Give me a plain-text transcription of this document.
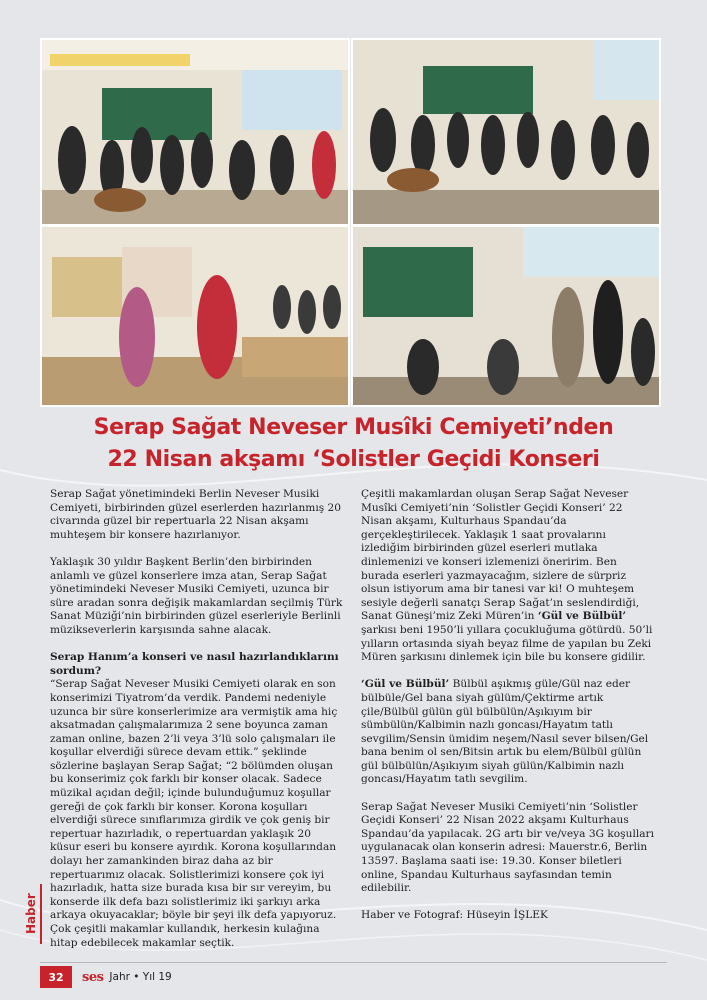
Serap Sağat Neveser Musîki Cemiyeti’nden
22 Nisan akşamı ‘Solistler Geçidi Konseri

Serap Sağat yönetimindeki Berlin Neveser Musiki Cemiyeti, birbirinden güzel eserlerden hazırlanmış 20 civarında güzel bir repertuarla 22 Nisan akşamı muhteşem bir konsere hazırlanıyor.

Yaklaşık 30 yıldır Başkent Berlin’den birbirinden anlamlı ve güzel konserlere imza atan, Serap Sağat yönetimindeki Neveser Musiki Cemiyeti, uzunca bir süre aradan sonra değişik makamlardan seçilmiş Türk Sanat Müziği’nin birbirinden güzel eserleriyle Berlinli müzikseverlerin karşısında sahne alacak.

Serap Hanım’a konseri ve nasıl hazırlandıklarını sordum?

“Serap Sağat Neveser Musiki Cemiyeti olarak en son konserimizi Tiyatrom’da verdik. Pandemi nedeniyle uzunca bir süre konserlerimize ara vermiştik ama hiç aksatmadan çalışmalarımıza 2 sene boyunca zaman zaman online, bazen 2’li veya 3’lü solo çalışmaları ile koşullar elverdiği sürece devam ettik.” şeklinde sözlerine başlayan Serap Sağat; “2 bölümden oluşan bu konserimiz çok farklı bir konser olacak. Sadece müzikal açıdan değil; içinde bulunduğumuz koşullar gereği de çok farklı bir konser. Korona koşulları elverdiği sürece sınıflarımıza girdik ve çok geniş bir repertuar hazırladık, o repertuardan yaklaşık 20 küsur eseri bu konsere ayırdık. Korona koşullarından dolayı her zamankinden biraz daha az bir repertuarımız olacak. Solistlerimizi konsere çok iyi hazırladık, hatta size burada kısa bir sır vereyim, bu konserde ilk defa bazı solistlerimiz iki şarkıyı arka arkaya okuyacaklar; böyle bir şeyi ilk defa yapıyoruz. Çok çeşitli makamlar kullandık, herkesin kulağına hitap edebilecek makamlar seçtik.

Çeşitli makamlardan oluşan Serap Sağat Neveser Musîki Cemiyeti’nin ‘Solistler Geçidi Konseri’ 22 Nisan akşamı, Kulturhaus Spandau’da gerçekleştirilecek. Yaklaşık 1 saat provalarını izlediğim birbirinden güzel eserleri mutlaka dinlemenizi ve konseri izlemenizi öneririm. Ben burada eserleri yazmayacağım, sizlere de sürpriz olsun istiyorum ama bir tanesi var ki! O muhteşem sesiyle değerli sanatçı Serap Sağat’ın seslendirdiği, Sanat Güneşi’miz Zeki Müren’in ‘Gül ve Bülbül’ şarkısı beni 1950’li yıllara çocukluğuma götürdü. 50’li yılların ortasında siyah beyaz filme de yapılan bu Zeki Müren şarkısını dinlemek için bile bu konsere gidilir.

‘Gül ve Bülbül’ Bülbül aşıkmış güle/Gül naz eder bülbüle/Gel bana siyah gülüm/Çektirme artık çile/Bülbül gülün gül bülbülün/Aşıkıyım bir sümbülün/Kalbimin nazlı goncası/Hayatım tatlı sevgilim/Sensin ümidim neşem/Nasıl sever bilsen/Gel bana benim ol sen/Bitsin artık bu elem/Bülbül gülün gül bülbülün/Aşıkıyım siyah gülün/Kalbimin nazlı goncası/Hayatım tatlı sevgilim.

Serap Sağat Neveser Musiki Cemiyeti’nin ‘Solistler Geçidi Konseri’ 22 Nisan 2022 akşamı Kulturhaus Spandau’da yapılacak. 2G artı bir ve/veya 3G koşulları uygulanacak olan konserin adresi: Mauerstr.6, Berlin 13597. Başlama saati ise: 19.30. Konser biletleri online, Spandau Kulturhaus sayfasından temin edilebilir.

Haber ve Fotograf: Hüseyin İŞLEK

Haber
32	ses Jahr • Yıl 19
